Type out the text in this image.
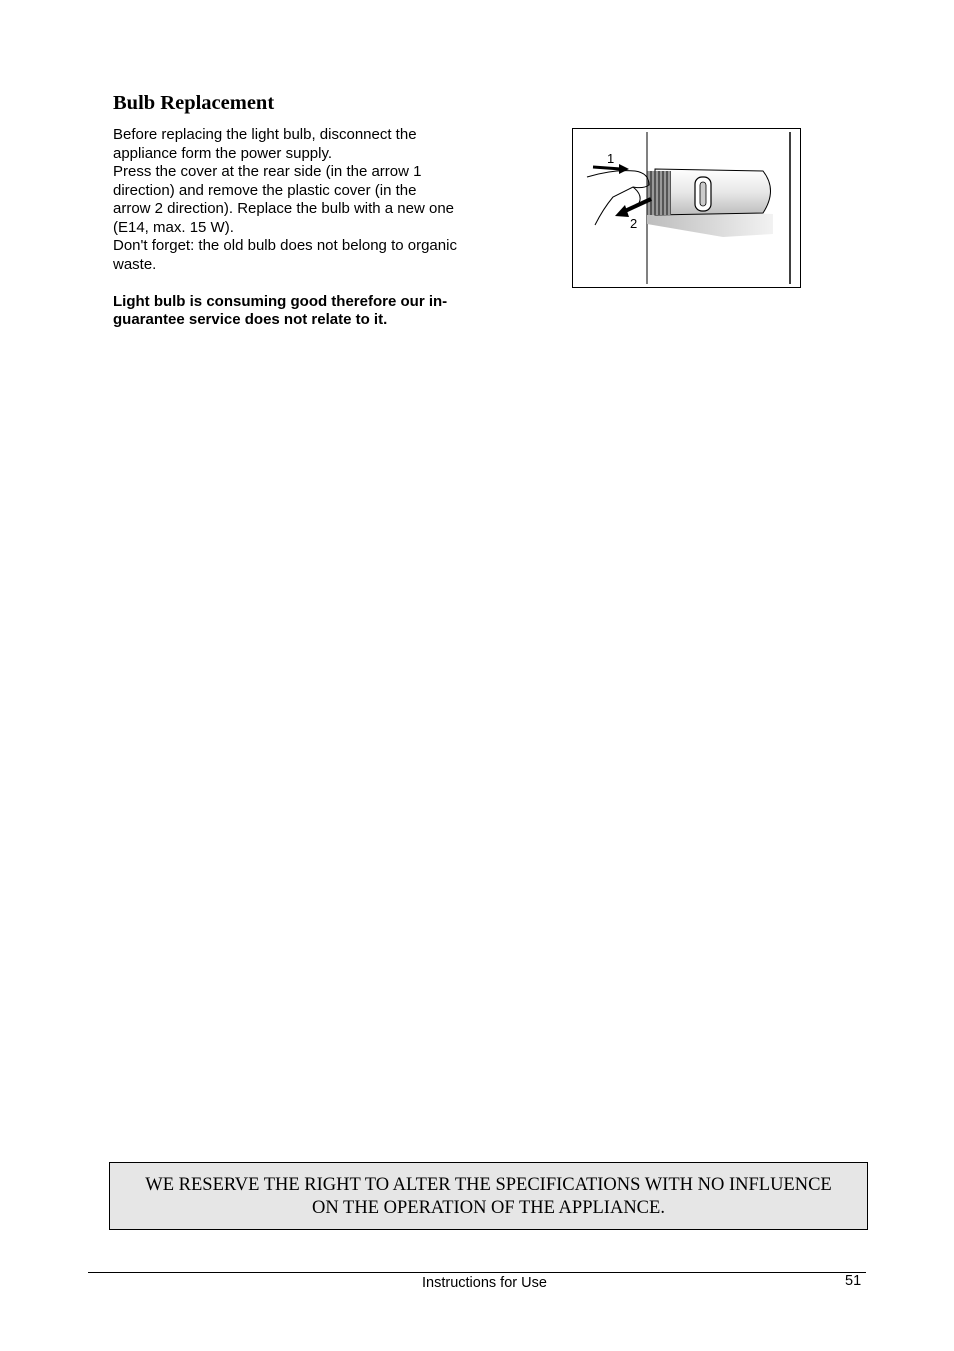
Bulb Replacement

Before replacing the light bulb, disconnect the appliance form the power supply.

Press the cover at the rear side (in the arrow 1 direction) and remove the plastic cover (in the arrow 2 direction). Replace the bulb with a new one (E14, max. 15 W).

Don't forget: the old bulb does not belong to organic waste.

Light bulb is consuming good therefore our in-guarantee service does not relate to it.

1
2
WE RESERVE THE RIGHT TO ALTER THE SPECIFICATIONS WITH NO INFLUENCE
ON THE OPERATION OF THE APPLIANCE.
Instructions for Use	51
